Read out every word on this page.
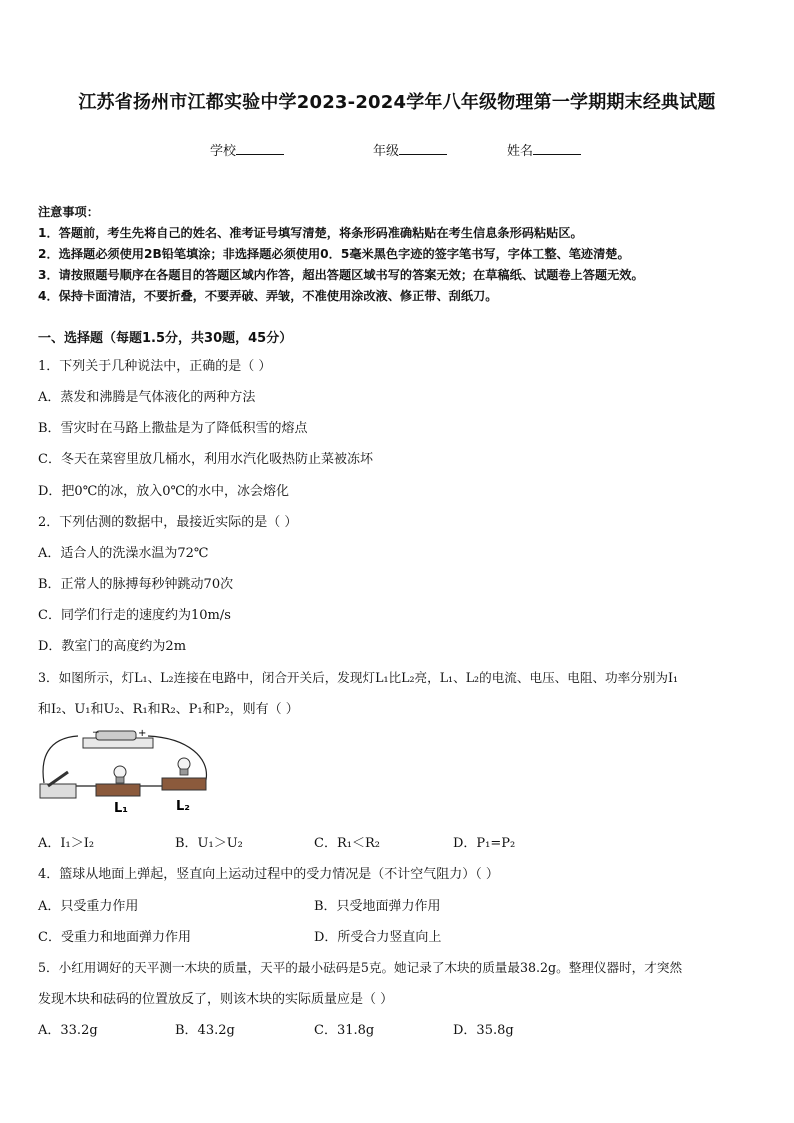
江苏省扬州市江都实验中学2023-2024学年八年级物理第一学期期末经典试题
学校	年级	姓名
注意事项：
1．答题前，考生先将自己的姓名、准考证号填写清楚，将条形码准确粘贴在考生信息条形码粘贴区。
2．选择题必须使用2B铅笔填涂；非选择题必须使用0．5毫米黑色字迹的签字笔书写，字体工整、笔迹清楚。
3．请按照题号顺序在各题目的答题区域内作答，超出答题区域书写的答案无效；在草稿纸、试题卷上答题无效。
4．保持卡面清洁，不要折叠，不要弄破、弄皱，不准使用涂改液、修正带、刮纸刀。
一、选择题（每题1.5分，共30题，45分）
1．下列关于几种说法中，正确的是（ ）
A．蒸发和沸腾是气体液化的两种方法
B．雪灾时在马路上撒盐是为了降低积雪的熔点
C．冬天在菜窖里放几桶水，利用水汽化吸热防止菜被冻坏
D．把0℃的冰，放入0℃的水中，冰会熔化
2．下列估测的数据中，最接近实际的是（ ）
A．适合人的洗澡水温为72℃
B．正常人的脉搏每秒钟跳动70次
C．同学们行走的速度约为10m/s
D．教室门的高度约为2m
3．如图所示，灯L₁、L₂连接在电路中，闭合开关后，发现灯L₁比L₂亮，L₁、L₂的电流、电压、电阻、功率分别为I₁
和I₂、U₁和U₂、R₁和R₂、P₁和P₂，则有（ ）
−	+
L₁	L₂
A．I₁＞I₂	B．U₁＞U₂	C．R₁＜R₂	D．P₁=P₂
4．篮球从地面上弹起，竖直向上运动过程中的受力情况是（不计空气阻力）（ ）
A．只受重力作用	B．只受地面弹力作用
C．受重力和地面弹力作用	D．所受合力竖直向上
5．小红用调好的天平测一木块的质量，天平的最小砝码是5克。她记录了木块的质量最38.2g。整理仪器时，才突然
发现木块和砝码的位置放反了，则该木块的实际质量应是（ ）
A．33.2g	B．43.2g	C．31.8g	D．35.8g
